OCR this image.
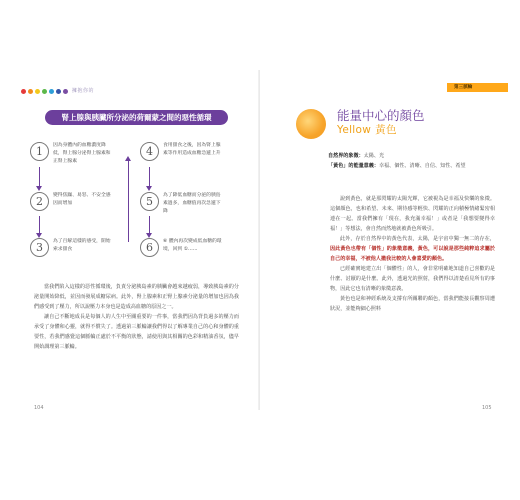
擁抱你的
腎上腺與胰臟所分泌的荷爾蒙之間的惡性循環
1	因為身體內的血糖濃度降低，腎上腺分泌腎上腺素和正腎上腺素
2	變得焦躁、易怒、不安全感因而增加
3	為了百解這樣的感受，開始索求甜食
4	食用甜食之後，因為腎上腺素等作用造成血糖急遽上升
5	為了降低血糖而分泌的胰島素過多，血糖值再次急遽下降
6	⑥ 體內再次變成低血糖的環境，回到 ①……

當我們陷入這樣的惡性循環後，負責分泌胰島素的胰臟會越來越疲弱，導致胰島素的分泌量開始降低，並因而發展成糖尿病。此外，腎上腺素和正腎上腺素分泌量的增加也因為我們感受到了壓力，所以說壓力本身也是造成高血糖的原因之一。

讓自己不斷地成長是每個人的人生中至關重要的一件事，當我們因為背負過多的壓力而承受了身體和心靈，就得不償失了。透過第三脈輪讓我們得以了解專業自己的心和身體的重要性，若我們感覺這個脈輪正處於不平衡的狀態，請使用與其相關的色彩和精油香氛，儘早開始調理第三脈輪。

104
第三脈輪
能量中心的顏色
Yellow 黃色
自然界的象徵：太陽、光
「黃色」的能量意義：幸福、個性、清晰、自信、知性、希望

說到黃色，就是那閃耀的太陽光輝，它被視為是幸福及快樂的象徵。這個顏色，也和希望、未來、期待感等輕快、閃耀的正向積極情緒緊密相連在一起。當我們擁有「現在，我充滿幸福！」或者是「我想要變得幸福！」等想法，會自然而然地就被黃色所吸引。

此外，存於自然界中的黃色代表，太陽，是宇宙中獨一無二的存在，因此黃色也帶有「個性」的象徵意義，黃色，可以說是那些純粹追求屬於自己的幸福，不被他人撤我比較的人會喜愛的顏色。

已經確實地建立出「個體性」的人，會非常明確地知道自己喜歡的是什麼、討厭的是什麼。此外，透過光的照射，我們得以清楚看見所有的事物，因此它也有清晰的象徵意義。

黃色也是和神經系統及支撐有所關聯的顏色，當我們能接長觀察周遭狀況，並能夠細心照料

105
